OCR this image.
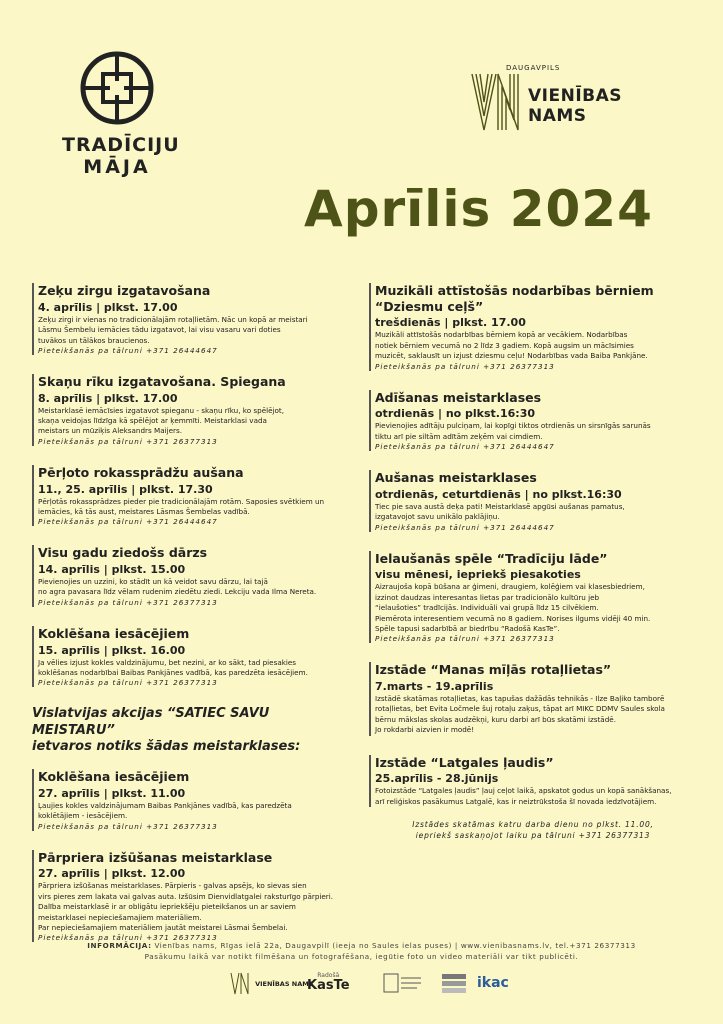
TRADĪCIJU
MĀJA
DAUGAVPILS
VIENĪBAS NAMS
Aprīlis 2024
Zeķu zirgu izgatavošana
4. aprīlis | plkst. 17.00
Zeķu zirgi ir vienas no tradicionālajām rotaļlietām. Nāc un kopā ar meistari
Lāsmu Šembelu iemācies tādu izgatavot, lai visu vasaru vari doties
tuvākos un tālākos braucienos.
Pieteikšanās pa tālruni +371 26444647
Skaņu rīku izgatavošana. Spiegana
8. aprīlis | plkst. 17.00
Meistarklasē iemācīsies izgatavot spieganu - skaņu rīku, ko spēlējot,
skaņa veidojas līdzīga kā spēlējot ar ķemmīti. Meistarklasi vada
meistars un mūziķis Aleksandrs Maijers.
Pieteikšanās pa tālruni +371 26377313
Pērļoto rokassprādžu aušana
11., 25. aprīlis | plkst. 17.30
Pērļotās rokassprādzes pieder pie tradicionālajām rotām. Saposies svētkiem un
iemācies, kā tās aust, meistares Lāsmas Šembelas vadībā.
Pieteikšanās pa tālruni +371 26444647
Visu gadu ziedošs dārzs
14. aprīlis | plkst. 15.00
Pievienojies un uzzini, ko stādīt un kā veidot savu dārzu, lai tajā
no agra pavasara līdz vēlam rudenim ziedētu ziedi. Lekciju vada Ilma Nereta.
Pieteikšanās pa tālruni +371 26377313
Koklēšana iesācējiem
15. aprīlis | plkst. 16.00
Ja vēlies izjust kokles valdzinājumu, bet nezini, ar ko sākt, tad piesakies
koklēšanas nodarbībai Baibas Pankjānes vadībā, kas paredzēta iesācējiem.
Pieteikšanās pa tālruni +371 26377313
Vislatvijas akcijas “SATIEC SAVU MEISTARU”
ietvaros notiks šādas meistarklases:
Koklēšana iesācējiem
27. aprīlis | plkst. 11.00
Ļaujies kokles valdzinājumam Baibas Pankjānes vadībā, kas paredzēta
koklētājiem - iesācējiem.
Pieteikšanās pa tālruni +371 26377313
Pārpriera izšūšanas meistarklase
27. aprīlis | plkst. 12.00
Pārpriera izšūšanas meistarklases. Pārpieris - galvas apsējs, ko sievas sien
virs pieres zem lakata vai galvas auta. Izšūsim Dienvidlatgalei raksturīgo pārpieri.
Dalība meistarklasē ir ar obligātu iepriekšēju pieteikšanos un ar saviem
meistarklasei nepieciešamajiem materiāliem.
Par nepieciešamajiem materiāliem jautāt meistarei Lāsmai Šembelai.
Pieteikšanās pa tālruni +371 26377313
Muzikāli attīstošās nodarbības bērniem
“Dziesmu ceļš”
trešdienās | plkst. 17.00
Muzikāli attīstošās nodarbības bērniem kopā ar vecākiem. Nodarbības
notiek bērniem vecumā no 2 līdz 3 gadiem. Kopā augsim un mācīsimies
muzicēt, saklausīt un izjust dziesmu ceļu! Nodarbības vada Baiba Pankjāne.
Pieteikšanās pa tālruni +371 26377313
Adīšanas meistarklases
otrdienās | no plkst.16:30
Pievienojies adītāju pulciņam, lai kopīgi tiktos otrdienās un sirsnīgās sarunās
tiktu arī pie siltām adītām zeķēm vai cimdiem.
Pieteikšanās pa tālruni +371 26444647
Aušanas meistarklases
otrdienās, ceturtdienās | no plkst.16:30
Tiec pie sava austā deķa pati! Meistarklasē apgūsi aušanas pamatus,
izgatavojot savu unikālo paklājiņu.
Pieteikšanās pa tālruni +371 26444647
Ielaušanās spēle “Tradīciju lāde”
visu mēnesi, iepriekš piesakoties
Aizraujoša kopā būšana ar ģimeni, draugiem, kolēģiem vai klasesbiedriem,
izzinot daudzas interesantas lietas par tradicionālo kultūru jeb
“ielaušoties” tradīcijās. Individuāli vai grupā līdz 15 cilvēkiem.
Piemērota interesentiem vecumā no 8 gadiem. Norises ilgums vidēji 40 min.
Spēle tapusi sadarbībā ar biedrību “Radošā KasTe”.
Pieteikšanās pa tālruni +371 26377313
Izstāde “Manas mīļās rotaļlietas”
7.marts - 19.aprīlis
Izstādē skatāmas rotaļlietas, kas tapušas dažādās tehnikās - Ilze Baļiko tamborē
rotaļlietas, bet Evita Ločmele šuj rotaļu zaķus, tāpat arī MIKC DDMV Saules skola
bērnu mākslas skolas audzēkņi, kuru darbi arī būs skatāmi izstādē.
Jo rokdarbi aizvien ir modē!
Izstāde “Latgales ļaudis”
25.aprīlis - 28.jūnijs
Fotoizstāde “Latgales ļaudis” ļauj ceļot laikā, apskatot godus un kopā sanākšanas,
arī reliģiskos pasākumus Latgalē, kas ir neiztrūkstoša šī novada iedzīvotājiem.
Izstādes skatāmas katru darba dienu no plkst. 11.00,
iepriekš saskaņojot laiku pa tālruni +371 26377313
INFORMĀCIJA: Vienības nams, Rīgas ielā 22a, Daugavpilī (ieeja no Saules ielas puses) | www.vienibasnams.lv, tel.+371 26377313
Pasākumu laikā var notikt filmēšana un fotografēšana, iegūtie foto un video materiāli var tikt publicēti.
VIENĪBAS NAMS
Radošā
KasTe	ikac
